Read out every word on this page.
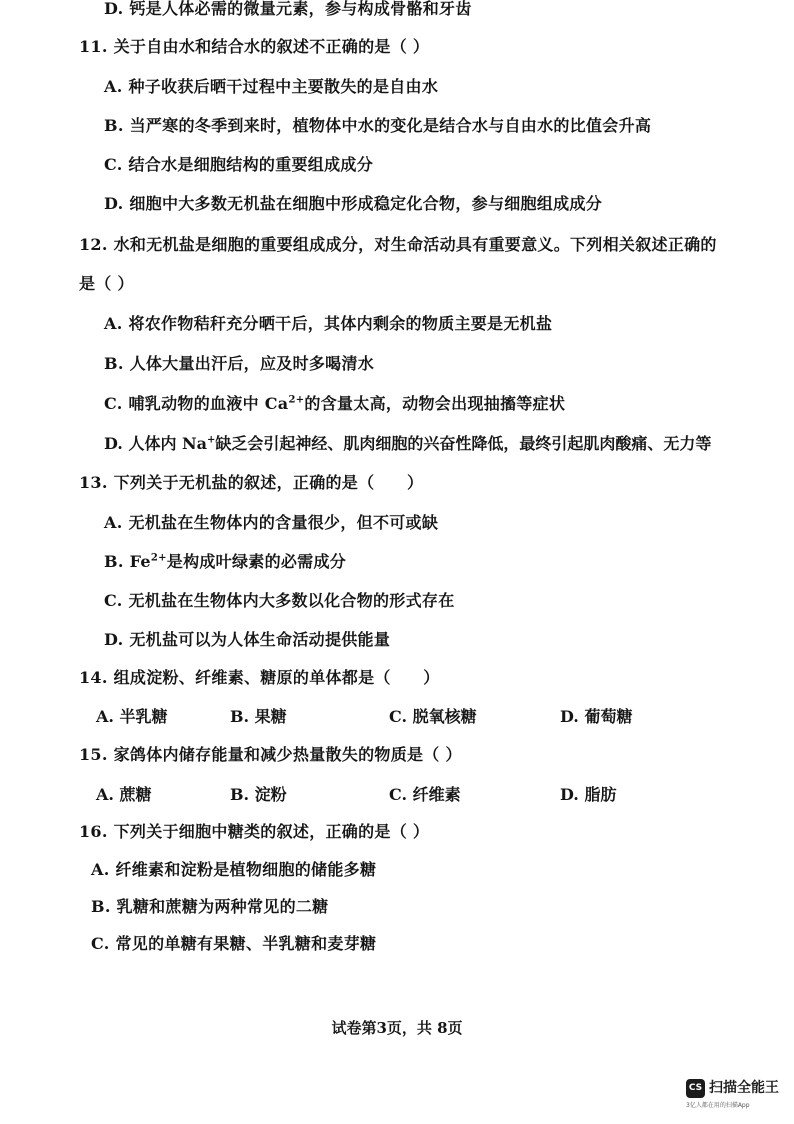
D. 钙是人体必需的微量元素，参与构成骨骼和牙齿
11. 关于自由水和结合水的叙述不正确的是（ ）
A. 种子收获后晒干过程中主要散失的是自由水
B. 当严寒的冬季到来时，植物体中水的变化是结合水与自由水的比值会升高
C. 结合水是细胞结构的重要组成成分
D. 细胞中大多数无机盐在细胞中形成稳定化合物，参与细胞组成成分
12. 水和无机盐是细胞的重要组成成分，对生命活动具有重要意义。下列相关叙述正确的
是（ ）
A. 将农作物秸秆充分晒干后，其体内剩余的物质主要是无机盐
B. 人体大量出汗后，应及时多喝清水
C. 哺乳动物的血液中 $Ca^{2+}$的含量太高，动物会出现抽搐等症状
D. 人体内 Na+缺乏会引起神经、肌肉细胞的兴奋性降低，最终引起肌肉酸痛、无力等
13. 下列关于无机盐的叙述，正确的是（　　）
A. 无机盐在生物体内的含量很少，但不可或缺
B. $Fe^{2+}$是构成叶绿素的必需成分
C. 无机盐在生物体内大多数以化合物的形式存在
D. 无机盐可以为人体生命活动提供能量
14. 组成淀粉、纤维素、糖原的单体都是（　　）
A. 半乳糖	B. 果糖	C. 脱氧核糖	D. 葡萄糖
15. 家鸽体内储存能量和减少热量散失的物质是（ ）
A. 蔗糖	B. 淀粉	C. 纤维素	D. 脂肪
16. 下列关于细胞中糖类的叙述，正确的是（ ）
A. 纤维素和淀粉是植物细胞的储能多糖
B. 乳糖和蔗糖为两种常见的二糖
C. 常见的单糖有果糖、半乳糖和麦芽糖
试卷第3页，共 8页
CS 扫描全能王
3亿人都在用的扫描App
